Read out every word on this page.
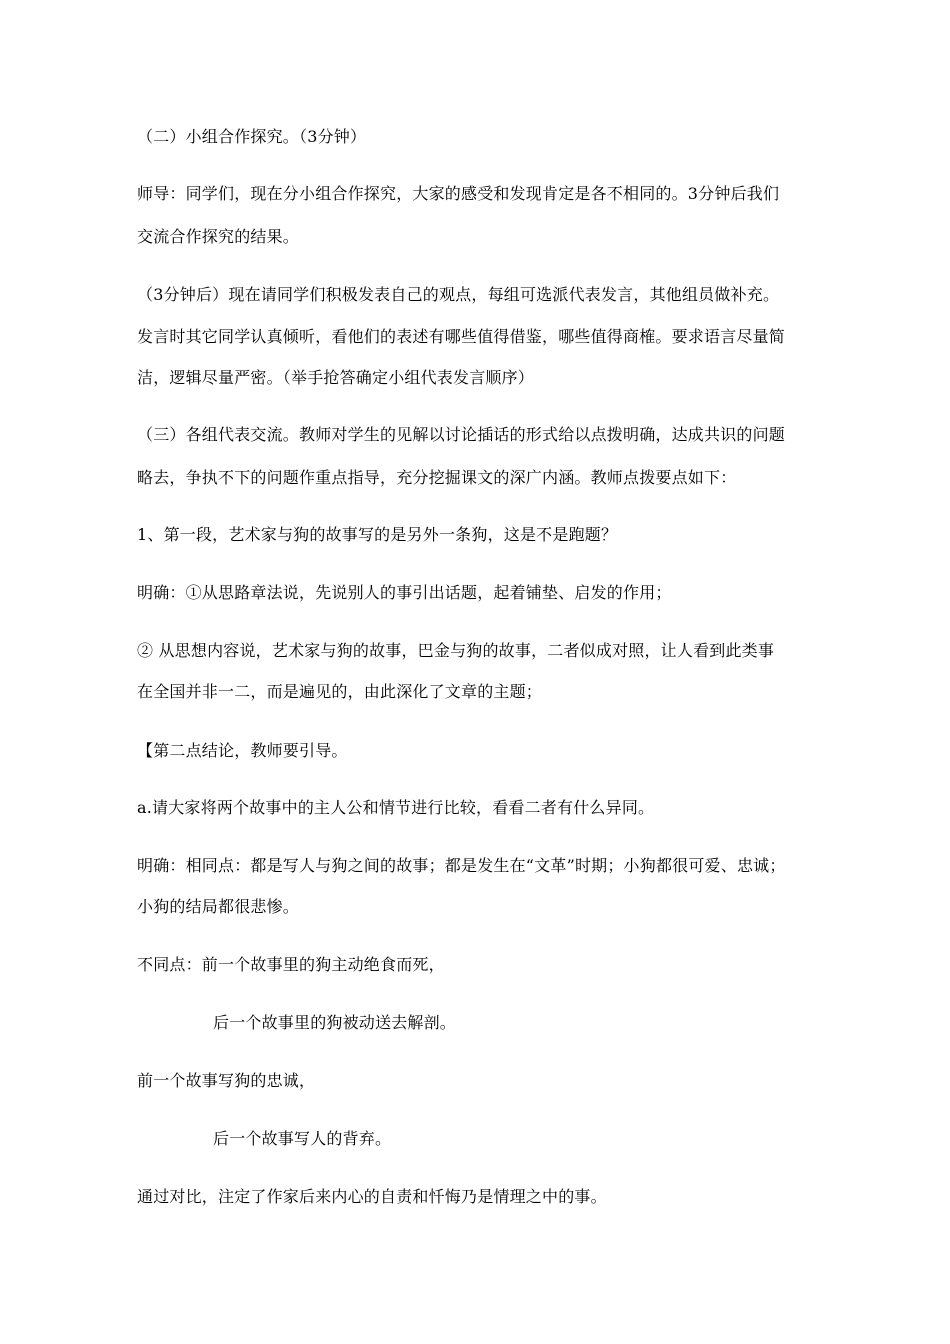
（二）小组合作探究。（3分钟）
师导：同学们，现在分小组合作探究，大家的感受和发现肯定是各不相同的。3分钟后我们
交流合作探究的结果。
（3分钟后）现在请同学们积极发表自己的观点，每组可选派代表发言，其他组员做补充。
发言时其它同学认真倾听，看他们的表述有哪些值得借鉴，哪些值得商榷。要求语言尽量简
洁，逻辑尽量严密。（举手抢答确定小组代表发言顺序）
（三）各组代表交流。教师对学生的见解以讨论插话的形式给以点拨明确，达成共识的问题
略去，争执不下的问题作重点指导，充分挖掘课文的深广内涵。教师点拨要点如下：
1、第一段，艺术家与狗的故事写的是另外一条狗，这是不是跑题？
明确：①从思路章法说，先说别人的事引出话题，起着铺垫、启发的作用；
② 从思想内容说，艺术家与狗的故事，巴金与狗的故事，二者似成对照，让人看到此类事
在全国并非一二，而是遍见的，由此深化了文章的主题；
【第二点结论，教师要引导。
a.请大家将两个故事中的主人公和情节进行比较，看看二者有什么异同。
明确：相同点：都是写人与狗之间的故事；都是发生在“文革”时期；小狗都很可爱、忠诚；
小狗的结局都很悲惨。
不同点：前一个故事里的狗主动绝食而死，
后一个故事里的狗被动送去解剖。
前一个故事写狗的忠诚，
后一个故事写人的背弃。
通过对比，注定了作家后来内心的自责和忏悔乃是情理之中的事。
